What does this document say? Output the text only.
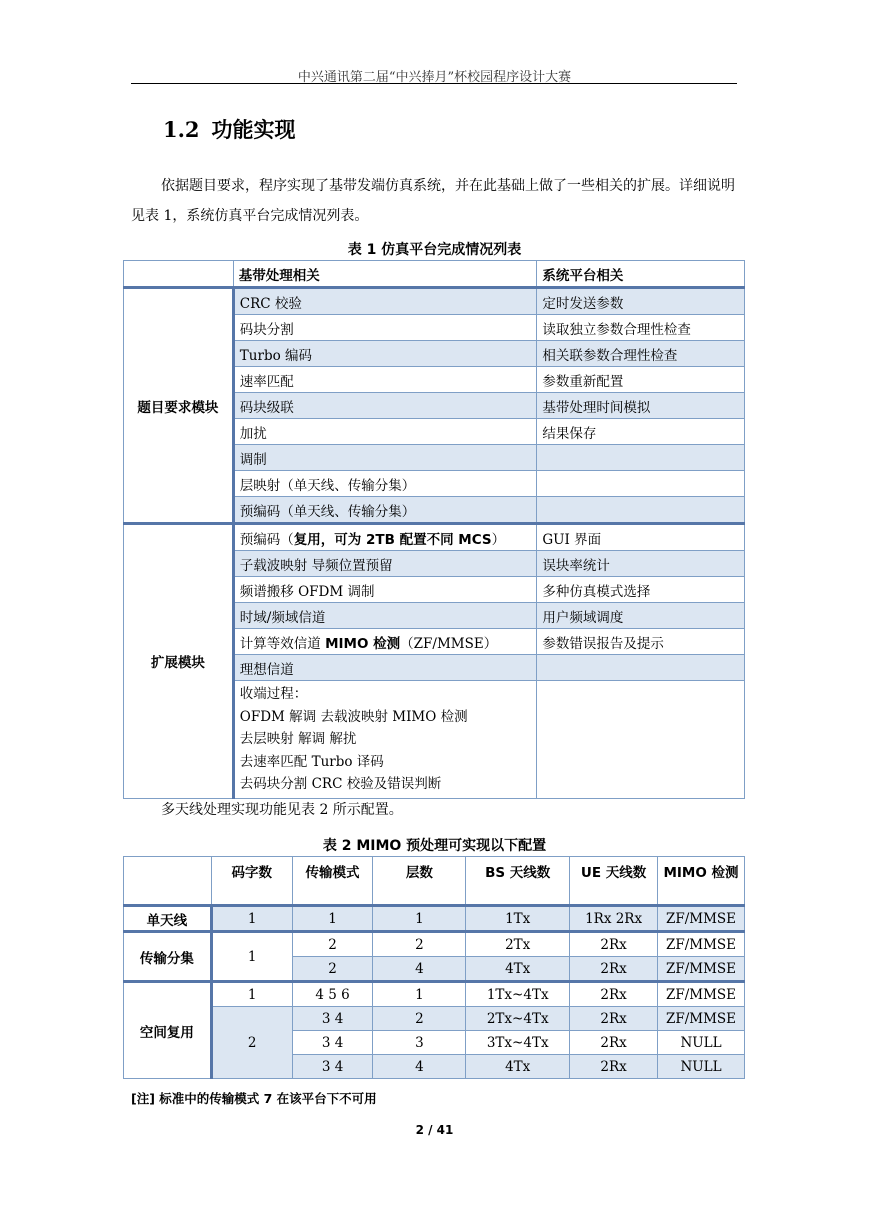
中兴通讯第二届“中兴捧月”杯校园程序设计大赛
1.2 功能实现
依据题目要求，程序实现了基带发端仿真系统，并在此基础上做了一些相关的扩展。详细说明见表 1，系统仿真平台完成情况列表。
表 1 仿真平台完成情况列表
	基带处理相关	系统平台相关
题目要求模块	CRC 校验	定时发送参数
	码块分割	读取独立参数合理性检查
	Turbo 编码	相关联参数合理性检查
	速率匹配	参数重新配置
	码块级联	基带处理时间模拟
	加扰	结果保存
	调制	
	层映射（单天线、传输分集）	
	预编码（单天线、传输分集）	
扩展模块	预编码（复用，可为 2TB 配置不同 MCS）	GUI 界面
	子载波映射 导频位置预留	误块率统计
	频谱搬移 OFDM 调制	多种仿真模式选择
	时域/频域信道	用户频域调度
	计算等效信道 MIMO 检测（ZF/MMSE）	参数错误报告及提示
	理想信道	

	收端过程：
OFDM 解调 去载波映射 MIMO 检测
去层映射 解调 解扰
去速率匹配 Turbo 译码
去码块分割 CRC 校验及错误判断	

多天线处理实现功能见表 2 所示配置。
表 2 MIMO 预处理可实现以下配置
	码字数	传输模式	层数	BS 天线数	UE 天线数	MIMO 检测
单天线	1	1	1	1Tx	1Rx 2Rx	ZF/MMSE
传输分集	1	2	2	2Tx	2Rx	ZF/MMSE
		2	4	4Tx	2Rx	ZF/MMSE
空间复用	1	4 5 6	1	1Tx~4Tx	2Rx	ZF/MMSE
	2	3 4	2	2Tx~4Tx	2Rx	ZF/MMSE
		3 4	3	3Tx~4Tx	2Rx	NULL
		3 4	4	4Tx	2Rx	NULL
[注] 标准中的传输模式 7 在该平台下不可用
2 / 41
